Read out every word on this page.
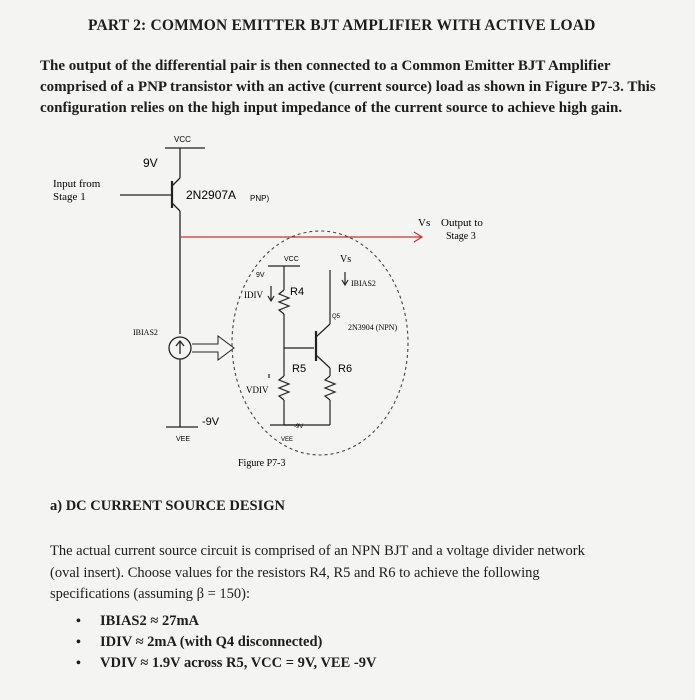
PART 2: COMMON EMITTER BJT AMPLIFIER WITH ACTIVE LOAD
The output of the differential pair is then connected to a Common Emitter BJT Amplifier
comprised of a PNP transistor with an active (current source) load as shown in Figure P7-3. This
configuration relies on the high input impedance of the current source to achieve high gain.
VCC
9V
Input from
Stage 1	2N2907A PNP)
Vs Output to
Stage 3
IBIAS2
-9V
VEE
VCC
9V
Vs
IDIV R4
IBIAS2
Q5
2N3904 (NPN)
R5	R6
VDIV
-9V
VEE
Figure P7-3
a) DC CURRENT SOURCE DESIGN
The actual current source circuit is comprised of an NPN BJT and a voltage divider network
(oval insert). Choose values for the resistors R4, R5 and R6 to achieve the following
specifications (assuming β = 150):
• IBIAS2 ≈ 27mA
• IDIV ≈ 2mA (with Q4 disconnected)
• VDIV ≈ 1.9V across R5, VCC = 9V, VEE -9V
